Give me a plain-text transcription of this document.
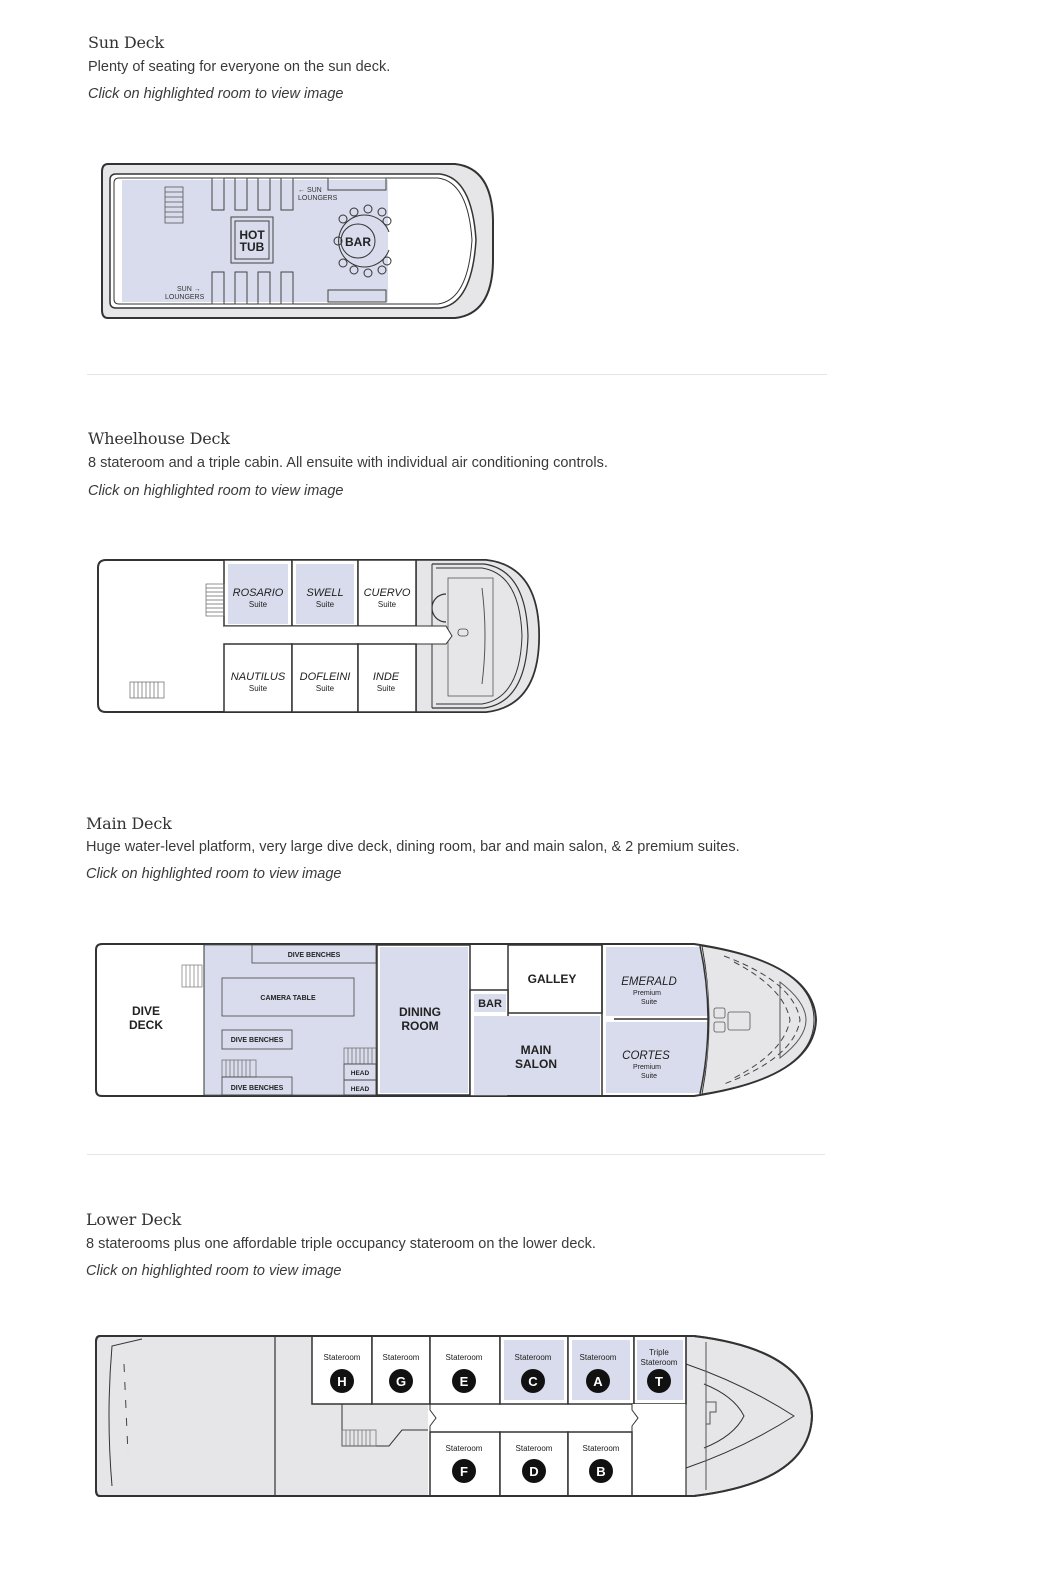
Sun Deck
Plenty of seating for everyone on the sun deck.
Click on highlighted room to view image
← SUN
LOUNGERS
SUN →
LOUNGERS
HOT
TUB	BAR
Wheelhouse Deck
8 stateroom and a triple cabin. All ensuite with individual air conditioning controls.
Click on highlighted room to view image
ROSARIO
Suite
SWELL
Suite
CUERVO
Suite
NAUTILUS
Suite
DOFLEINI
Suite
INDE
Suite
Main Deck
Huge water-level platform, very large dive deck, dining room, bar and main salon, & 2 premium suites.
Click on highlighted room to view image
DIVE
DECK
DIVE BENCHES
CAMERA TABLE
DIVE BENCHES
DIVE BENCHES
HEAD
HEAD
DINING
ROOM
GALLEY
BAR
MAIN
SALON
EMERALD
Premium
Suite
CORTES
Premium
Suite
Lower Deck
8 staterooms plus one affordable triple occupancy stateroom on the lower deck.
Click on highlighted room to view image
Stateroom
H
Stateroom
G
Stateroom
E
Stateroom
C
Stateroom
A
Triple
Stateroom
T
Stateroom
F
Stateroom
D
Stateroom
B
